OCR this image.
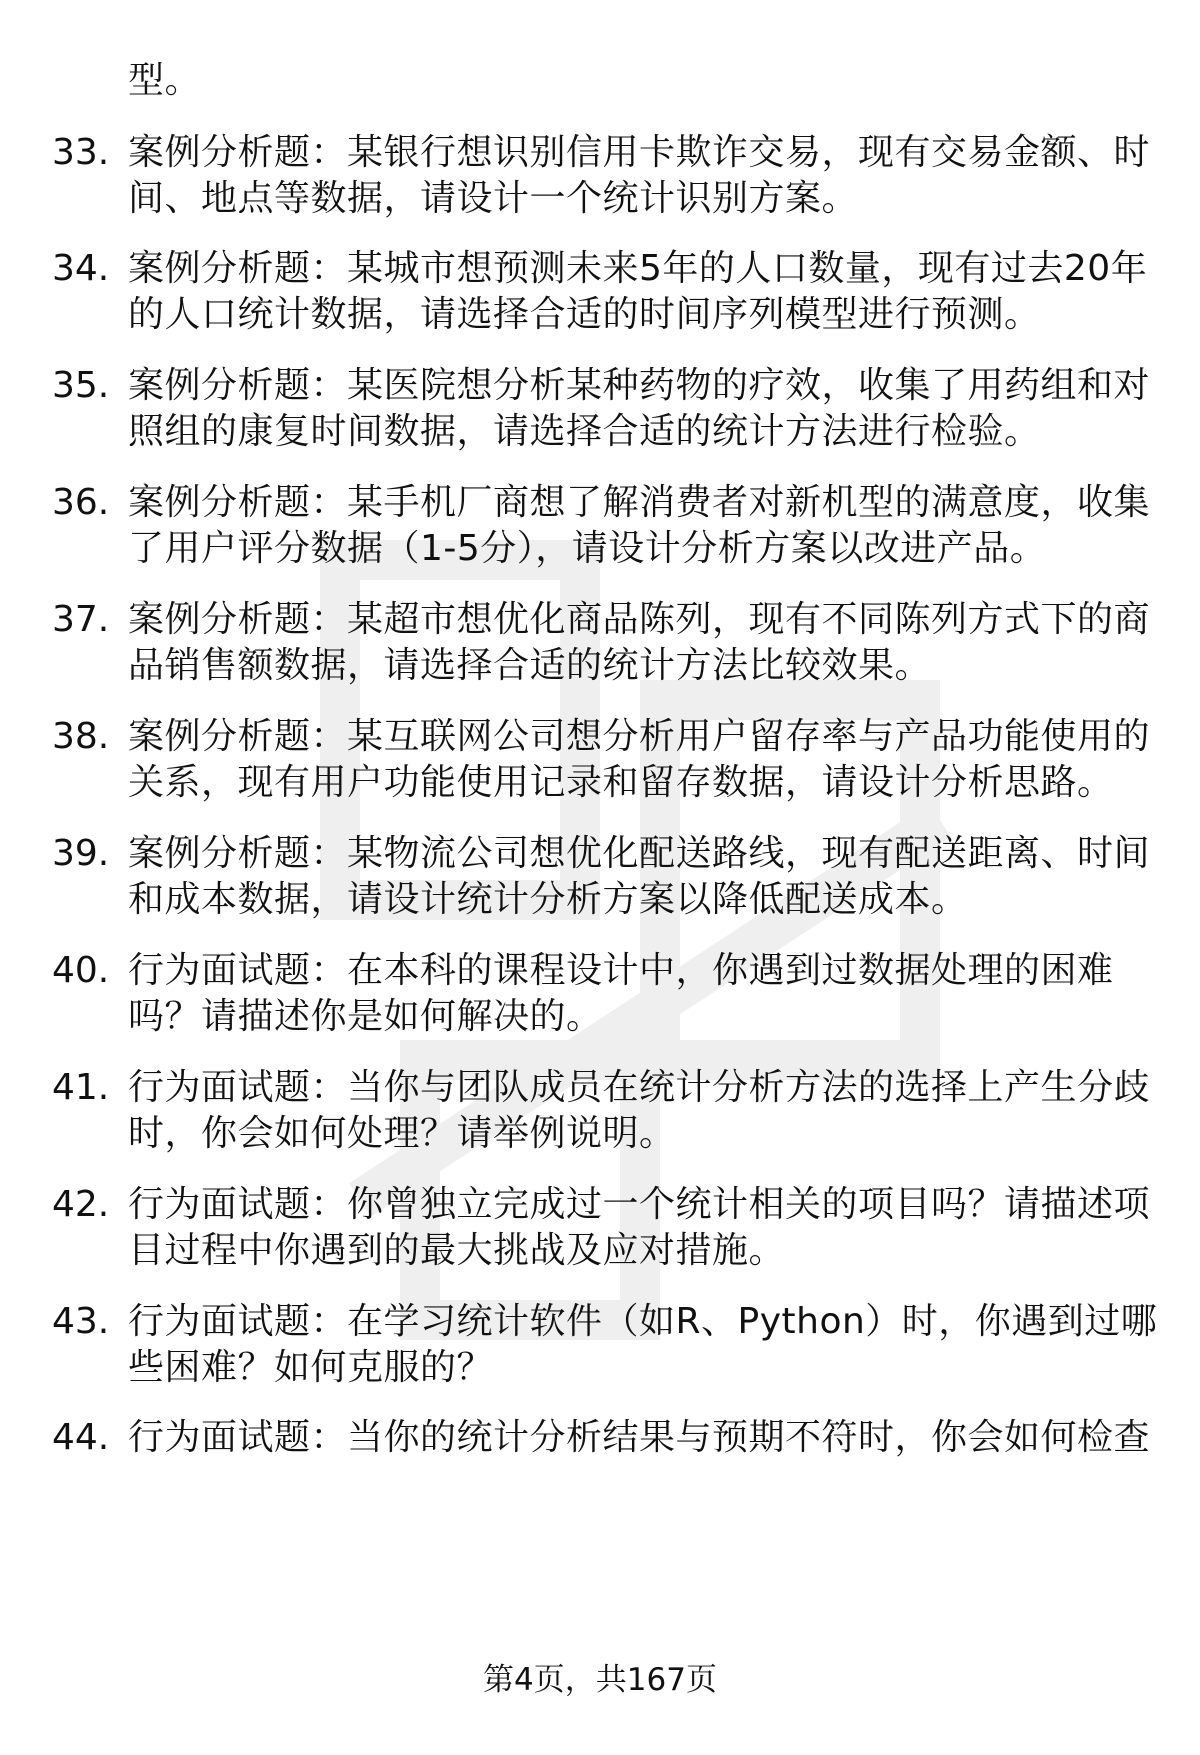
型。
33. 案例分析题：某银行想识别信用卡欺诈交易，现有交易金额、时
间、地点等数据，请设计一个统计识别方案。
34. 案例分析题：某城市想预测未来5年的人口数量，现有过去20年
的人口统计数据，请选择合适的时间序列模型进行预测。
35. 案例分析题：某医院想分析某种药物的疗效，收集了用药组和对
照组的康复时间数据，请选择合适的统计方法进行检验。
36. 案例分析题：某手机厂商想了解消费者对新机型的满意度，收集
了用户评分数据（1-5分），请设计分析方案以改进产品。
37. 案例分析题：某超市想优化商品陈列，现有不同陈列方式下的商
品销售额数据，请选择合适的统计方法比较效果。
38. 案例分析题：某互联网公司想分析用户留存率与产品功能使用的
关系，现有用户功能使用记录和留存数据，请设计分析思路。
39. 案例分析题：某物流公司想优化配送路线，现有配送距离、时间
和成本数据，请设计统计分析方案以降低配送成本。
40. 行为面试题：在本科的课程设计中，你遇到过数据处理的困难
吗？请描述你是如何解决的。
41. 行为面试题：当你与团队成员在统计分析方法的选择上产生分歧
时，你会如何处理？请举例说明。
42. 行为面试题：你曾独立完成过一个统计相关的项目吗？请描述项
目过程中你遇到的最大挑战及应对措施。
43. 行为面试题：在学习统计软件（如R、Python）时，你遇到过哪
些困难？如何克服的？
44. 行为面试题：当你的统计分析结果与预期不符时，你会如何检查
第4页，共167页
